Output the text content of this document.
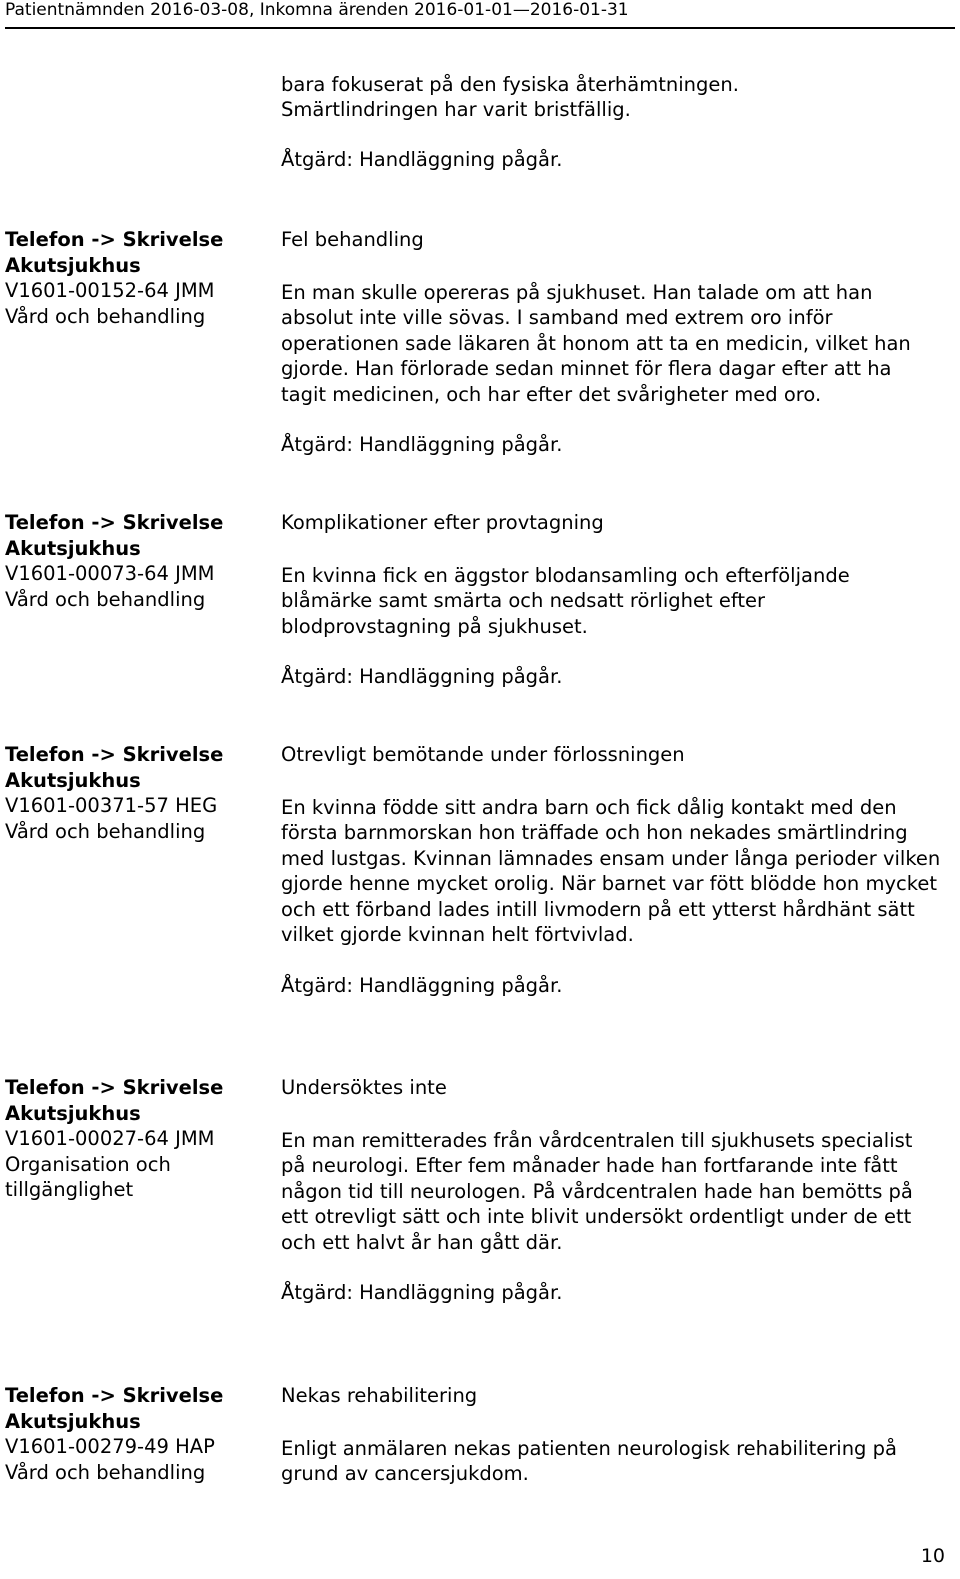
Patientnämnden 2016-03-08, Inkomna ärenden 2016-01-01—2016-01-31

bara fokuserat på den fysiska återhämtningen.

Smärtlindringen har varit bristfällig.

Åtgärd: Handläggning pågår.

Telefon -> Skrivelse
Akutsjukhus
V1601-00152-64 JMM
Vård och behandling

Fel behandling

En man skulle opereras på sjukhuset. Han talade om att han absolut inte ville sövas. I samband med extrem oro inför operationen sade läkaren åt honom att ta en medicin, vilket han gjorde. Han förlorade sedan minnet för flera dagar efter att ha tagit medicinen, och har efter det svårigheter med oro.

Åtgärd: Handläggning pågår.

Telefon -> Skrivelse
Akutsjukhus
V1601-00073-64 JMM
Vård och behandling

Komplikationer efter provtagning

En kvinna fick en äggstor blodansamling och efterföljande blåmärke samt smärta och nedsatt rörlighet efter blodprovstagning på sjukhuset.

Åtgärd: Handläggning pågår.

Telefon -> Skrivelse
Akutsjukhus
V1601-00371-57 HEG
Vård och behandling

Otrevligt bemötande under förlossningen

En kvinna födde sitt andra barn och fick dålig kontakt med den första barnmorskan hon träffade och hon nekades smärtlindring med lustgas. Kvinnan lämnades ensam under långa perioder vilken gjorde henne mycket orolig. När barnet var fött blödde hon mycket och ett förband lades intill livmodern på ett ytterst hårdhänt sätt vilket gjorde kvinnan helt förtvivlad.

Åtgärd: Handläggning pågår.

Telefon -> Skrivelse
Akutsjukhus
V1601-00027-64 JMM
Organisation och tillgänglighet

Undersöktes inte

En man remitterades från vårdcentralen till sjukhusets specialist på neurologi. Efter fem månader hade han fortfarande inte fått någon tid till neurologen. På vårdcentralen hade han bemötts på ett otrevligt sätt och inte blivit undersökt ordentligt under de ett och ett halvt år han gått där.

Åtgärd: Handläggning pågår.

Telefon -> Skrivelse
Akutsjukhus
V1601-00279-49 HAP
Vård och behandling

Nekas rehabilitering

Enligt anmälaren nekas patienten neurologisk rehabilitering på grund av cancersjukdom.

10
